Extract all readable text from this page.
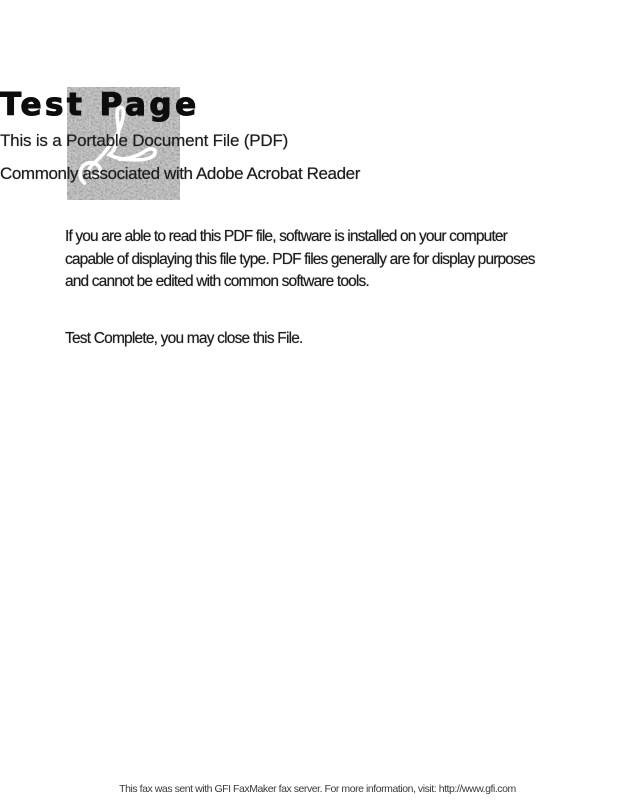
Test Page
This is a Portable Document File (PDF)
Commonly associated with Adobe Acrobat Reader
If you are able to read this PDF file, software is installed on your computer
capable of displaying this file type. PDF files generally are for display purposes
and cannot be edited with common software tools.
Test Complete, you may close this File.
This fax was sent with GFI FaxMaker fax server. For more information, visit: http://www.gfi.com
